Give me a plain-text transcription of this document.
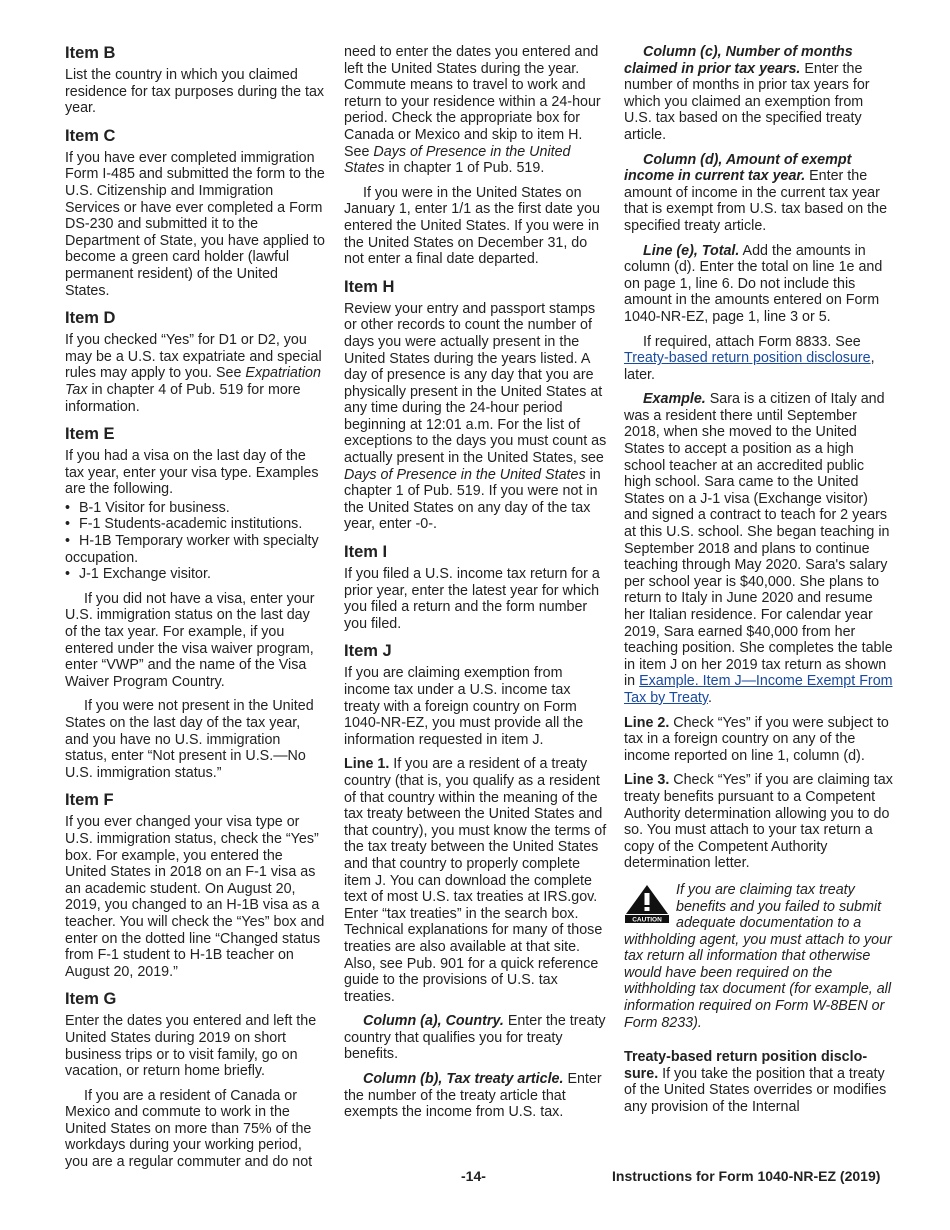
Item B

List the country in which you claimed residence for tax purposes during the tax year.

Item C

If you have ever completed immigration Form I-485 and submitted the form to the U.S. Citizenship and Immigration Services or have ever completed a Form DS-230 and submitted it to the Department of State, you have applied to become a green card holder (lawful permanent resident) of the United States.

Item D

If you checked “Yes” for D1 or D2, you may be a U.S. tax expatriate and special rules may apply to you. See Expatriation Tax in chapter 4 of Pub. 519 for more information.

Item E

If you had a visa on the last day of the tax year, enter your visa type. Examples are the following.

• B-1 Visitor for business.
• F-1 Students-academic institutions.
• H-1B Temporary worker with specialty occupation.
• J-1 Exchange visitor.

If you did not have a visa, enter your U.S. immigration status on the last day of the tax year. For example, if you entered under the visa waiver program, enter “VWP” and the name of the Visa Waiver Program Country.

If you were not present in the United States on the last day of the tax year, and you have no U.S. immigration status, enter “Not present in U.S.—No U.S. immigration status.”

Item F

If you ever changed your visa type or U.S. immigration status, check the “Yes” box. For example, you entered the United States in 2018 on an F-1 visa as an academic student. On August 20, 2019, you changed to an H-1B visa as a teacher. You will check the “Yes” box and enter on the dotted line “Changed status from F-1 student to H-1B teacher on August 20, 2019.”

Item G

Enter the dates you entered and left the United States during 2019 on short business trips or to visit family, go on vacation, or return home briefly.

If you are a resident of Canada or Mexico and commute to work in the United States on more than 75% of the workdays during your working period, you are a regular commuter and do not

need to enter the dates you entered and left the United States during the year. Commute means to travel to work and return to your residence within a 24-hour period. Check the appropriate box for Canada or Mexico and skip to item H. See Days of Presence in the United States in chapter 1 of Pub. 519.

If you were in the United States on January 1, enter 1/1 as the first date you entered the United States. If you were in the United States on December 31, do not enter a final date departed.

Item H

Review your entry and passport stamps or other records to count the number of days you were actually present in the United States during the years listed. A day of presence is any day that you are physically present in the United States at any time during the 24-hour period beginning at 12:01 a.m. For the list of exceptions to the days you must count as actually present in the United States, see Days of Presence in the United States in chapter 1 of Pub. 519. If you were not in the United States on any day of the tax year, enter -0-.

Item I

If you filed a U.S. income tax return for a prior year, enter the latest year for which you filed a return and the form number you filed.

Item J

If you are claiming exemption from income tax under a U.S. income tax treaty with a foreign country on Form 1040-NR-EZ, you must provide all the information requested in item J.

Line 1. If you are a resident of a treaty country (that is, you qualify as a resident of that country within the meaning of the tax treaty between the United States and that country), you must know the terms of the tax treaty between the United States and that country to properly complete item J. You can download the complete text of most U.S. tax treaties at IRS.gov. Enter “tax treaties” in the search box. Technical explanations for many of those treaties are also available at that site. Also, see Pub. 901 for a quick reference guide to the provisions of U.S. tax treaties.

Column (a), Country. Enter the treaty country that qualifies you for treaty benefits.

Column (b), Tax treaty article. Enter the number of the treaty article that exempts the income from U.S. tax.

Column (c), Number of months claimed in prior tax years. Enter the number of months in prior tax years for which you claimed an exemption from U.S. tax based on the specified treaty article.

Column (d), Amount of exempt income in current tax year. Enter the amount of income in the current tax year that is exempt from U.S. tax based on the specified treaty article.

Line (e), Total. Add the amounts in column (d). Enter the total on line 1e and on page 1, line 6. Do not include this amount in the amounts entered on Form 1040-NR-EZ, page 1, line 3 or 5.

If required, attach Form 8833. See Treaty-based return position disclosure, later.

Example. Sara is a citizen of Italy and was a resident there until September 2018, when she moved to the United States to accept a position as a high school teacher at an accredited public high school. Sara came to the United States on a J-1 visa (Exchange visitor) and signed a contract to teach for 2 years at this U.S. school. She began teaching in September 2018 and plans to continue teaching through May 2020. Sara's salary per school year is $40,000. She plans to return to Italy in June 2020 and resume her Italian residence. For calendar year 2019, Sara earned $40,000 from her teaching position. She completes the table in item J on her 2019 tax return as shown in Example. Item J—Income Exempt From Tax by Treaty.

Line 2. Check “Yes” if you were subject to tax in a foreign country on any of the income reported on line 1, column (d).

Line 3. Check “Yes” if you are claiming tax treaty benefits pursuant to a Competent Authority determination allowing you to do so. You must attach to your tax return a copy of the Competent Authority determination letter.

CAUTION

If you are claiming tax treaty benefits and you failed to submit adequate documentation to a withholding agent, you must attach to your tax return all information that otherwise would have been required on the withholding tax document (for example, all information required on Form W-8BEN or Form 8233).

Treaty-based return position disclo-sure. If you take the position that a treaty of the United States overrides or modifies any provision of the Internal

-14-	Instructions for Form 1040-NR-EZ (2019)
